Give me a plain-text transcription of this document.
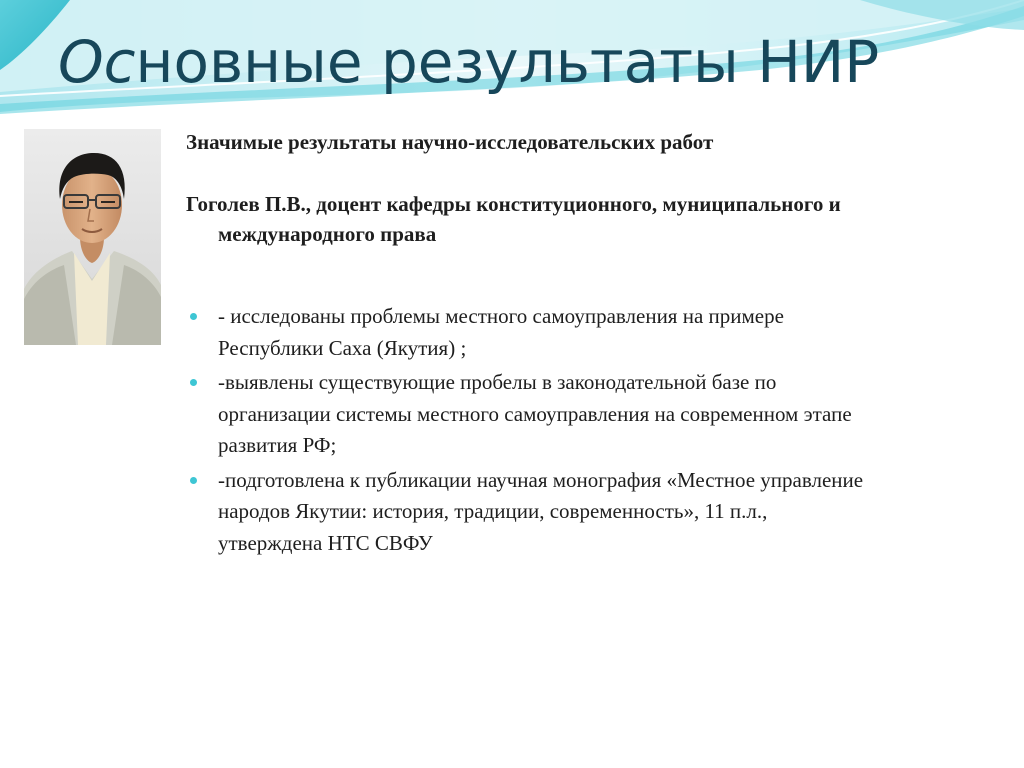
Основные результаты НИР

Значимые результаты научно-исследовательских работ

Гоголев П.В., доцент кафедры конституционного, муниципального и международного права

- исследованы проблемы местного самоуправления на примере Республики Саха (Якутия) ;
-выявлены существующие пробелы в законодательной базе по организации системы местного самоуправления на современном этапе развития РФ;
-подготовлена к публикации научная монография «Местное управление народов Якутии: история, традиции, современность», 11 п.л., утверждена НТС СВФУ
